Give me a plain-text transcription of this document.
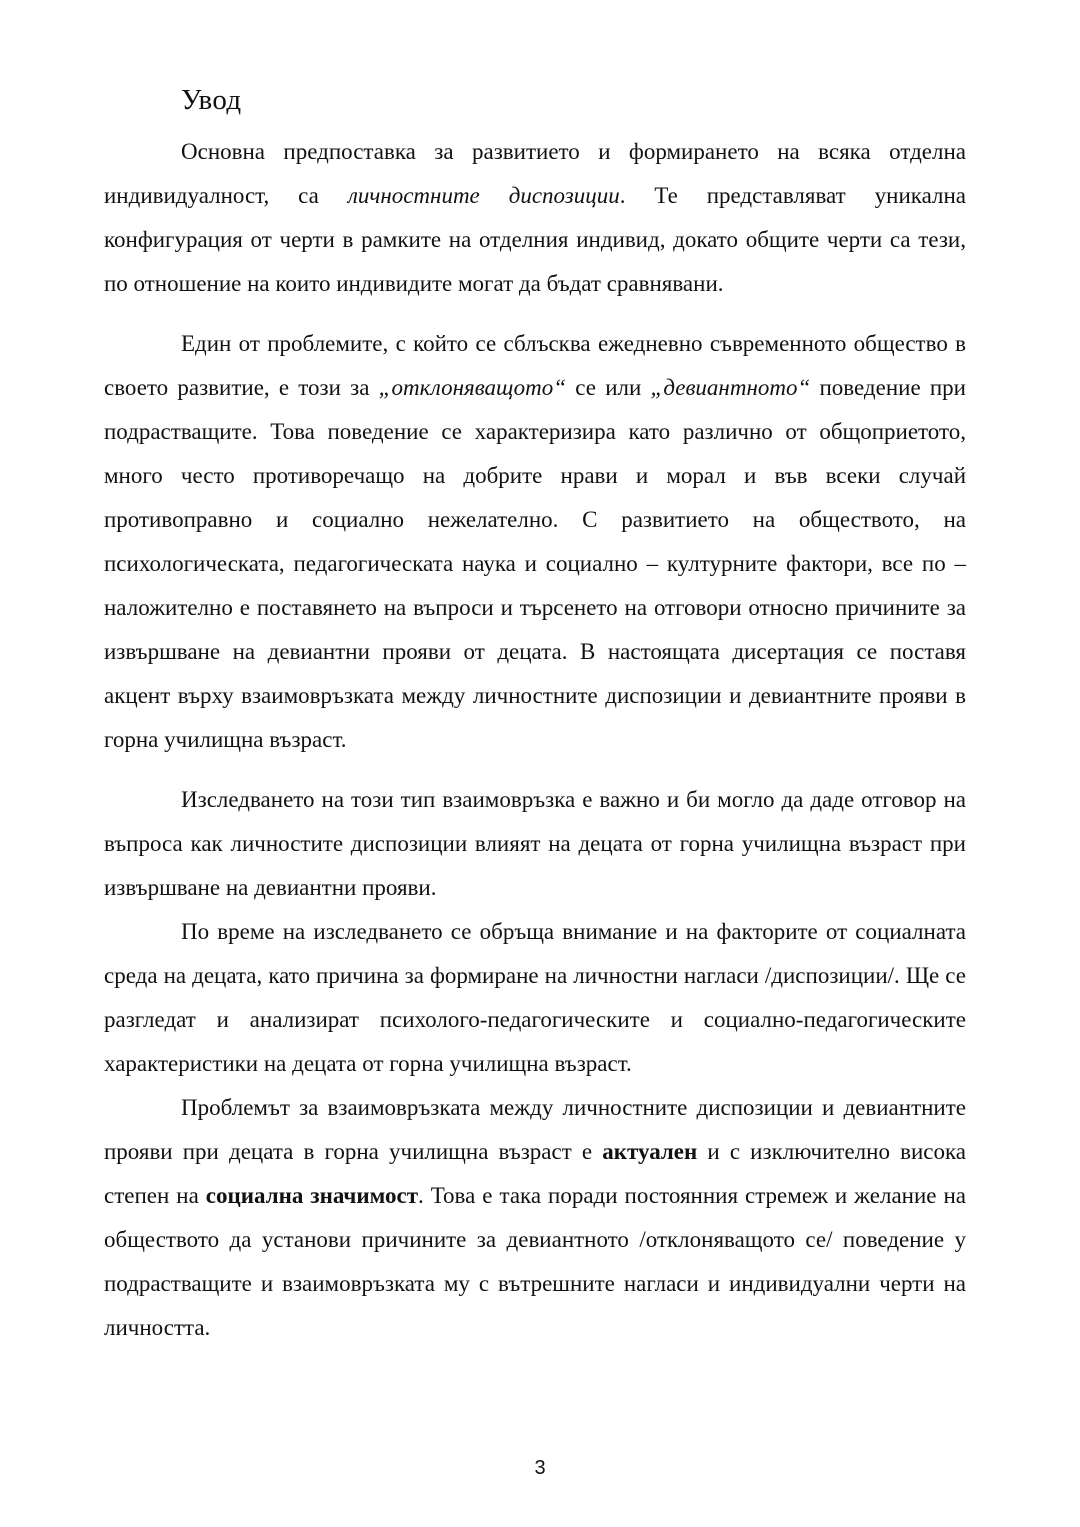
Увод

Основна предпоставка за развитието и формирането на всяка отделна индивидуалност, са личностните диспозиции. Те представляват уникална конфигурация от черти в рамките на отделния индивид, докато общите черти са тези, по отношение на които индивидите могат да бъдат сравнявани.

Един от проблемите, с който се сблъсква ежедневно съвременното общество в своето развитие, е този за „отклоняващото“ се или „девиантното“ поведение при подрастващите. Това поведение се характеризира като различно от общоприетото, много често противоречащо на добрите нрави и морал и във всеки случай противоправно и социално нежелателно. С развитието на обществото, на психологическата, педагогическата наука и социално – културните фактори, все по – наложително е поставянето на въпроси и търсенето на отговори относно причините за извършване на девиантни прояви от децата. В настоящата дисертация се поставя акцент върху взаимовръзката между личностните диспозиции и девиантните прояви в горна училищна възраст.

Изследването на този тип взаимовръзка е важно и би могло да даде отговор на въпроса как личностите диспозиции влияят на децата от горна училищна възраст при извършване на девиантни прояви.

По време на изследването се обръща внимание и на факторите от социалната среда на децата, като причина за формиране на личностни нагласи /диспозиции/. Ще се разгледат и анализират психолого-педагогическите и социално-педагогическите характеристики на децата от горна училищна възраст.

Проблемът за взаимовръзката между личностните диспозиции и девиантните прояви при децата в горна училищна възраст е актуален и с изключително висока степен на социална значимост. Това е така поради постоянния стремеж и желание на обществото да установи причините за девиантното /отклоняващото се/ поведение у подрастващите и взаимовръзката му с вътрешните нагласи и индивидуални черти на личността.

3
